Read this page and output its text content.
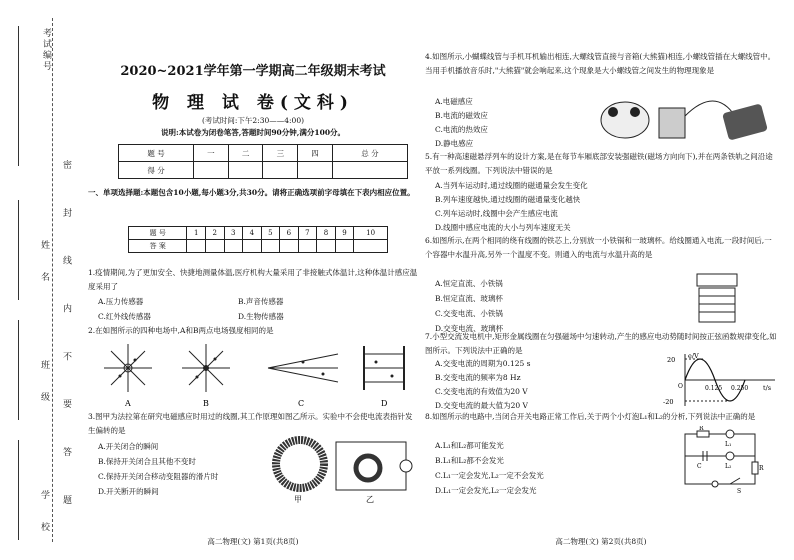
考试编号
密 封 线 内 不 要 答 题
姓 名
班 级
学 校
2020~2021学年第一学期高二年级期末考试
物 理 试 卷(文科)
(考试时间:下午2:30——4:00)
说明:本试卷为闭卷笔答,答题时间90分钟,满分100分。
题 号	一	二	三	四	总 分
得 分					
一、单项选择题:本题包含10小题,每小题3分,共30分。请将正确选项前字母填在下表内相应位置。
题 号	1	2	3	4	5	6	7	8	9	10
答 案										
1.疫情期间,为了更加安全、快捷地测量体温,医疗机构大量采用了非接触式体温计,这种体温计感应温度采用了
A.压力传感器	B.声音传感器
C.红外线传感器	D.生物传感器
2.在如图所示的四种电场中,A和B两点电场强度相同的是
A	B	C	D
3.图甲为法拉第在研究电磁感应时用过的线圈,其工作原理如图乙所示。实验中不会使电流表指针发生偏转的是
A.开关闭合的瞬间
B.保持开关闭合且其他不变时
C.保持开关闭合移动变阻器的滑片时
D.开关断开的瞬间
甲	乙
高二物理(文) 第1页(共8页)
4.如图所示,小蝴蝶线管与手机耳机输出相连,大螺线管直接与音箱(大熊猫)相连,小螺线管插在大螺线管中。当用手机播放音乐时,"大熊猫"就会响起来,这个现象是大小螺线管之间发生的物理现象是
A.电磁感应
B.电流的磁效应
C.电流的热效应
D.静电感应
5.有一种高速磁悬浮列车的设计方案,是在每节车厢底部安装强磁铁(磁场方向向下),并在两条铁轨之间沿途平放一系列线圈。下列说法中错误的是
A.当列车运动时,通过线圈的磁通量会发生变化
B.列车速度越快,通过线圈的磁通量变化越快
C.列车运动时,线圈中会产生感应电流
D.线圈中感应电流的大小与列车速度无关
6.如图所示,在两个相同的绕有线圈的铁芯上,分别放一小铁锅和一玻璃杯。给线圈通入电流,一段时间后,一个容器中水温升高,另外一个温度不变。则通入的电流与水温升高的是
A.恒定直流、小铁锅
B.恒定直流、玻璃杯
C.交变电流、小铁锅
D.交变电流、玻璃杯
7.小型交流发电机中,矩形金属线圈在匀强磁场中匀速转动,产生的感应电动势随时间按正弦函数规律变化,如图所示。下列说法中正确的是
A.交变电流的周期为0.125 s
B.交变电流的频率为8 Hz
C.交变电流的有效值为20 V
D.交变电流的最大值为20 V
e/V
t/s
20
-20
0.125 0.250
O
8.如图所示的电路中,当闭合开关电路正常工作后,关于两个小灯泡L₁和L₂的分析,下列说法中正确的是
A.L₁和L₂都可能发光
B.L₁和L₂都不会发光
C.L₁一定会发光,L₂一定不会发光
D.L₁一定会发光,L₂一定会发光
R
L₁
L₂
C	R
S
高二物理(文) 第2页(共8页)
